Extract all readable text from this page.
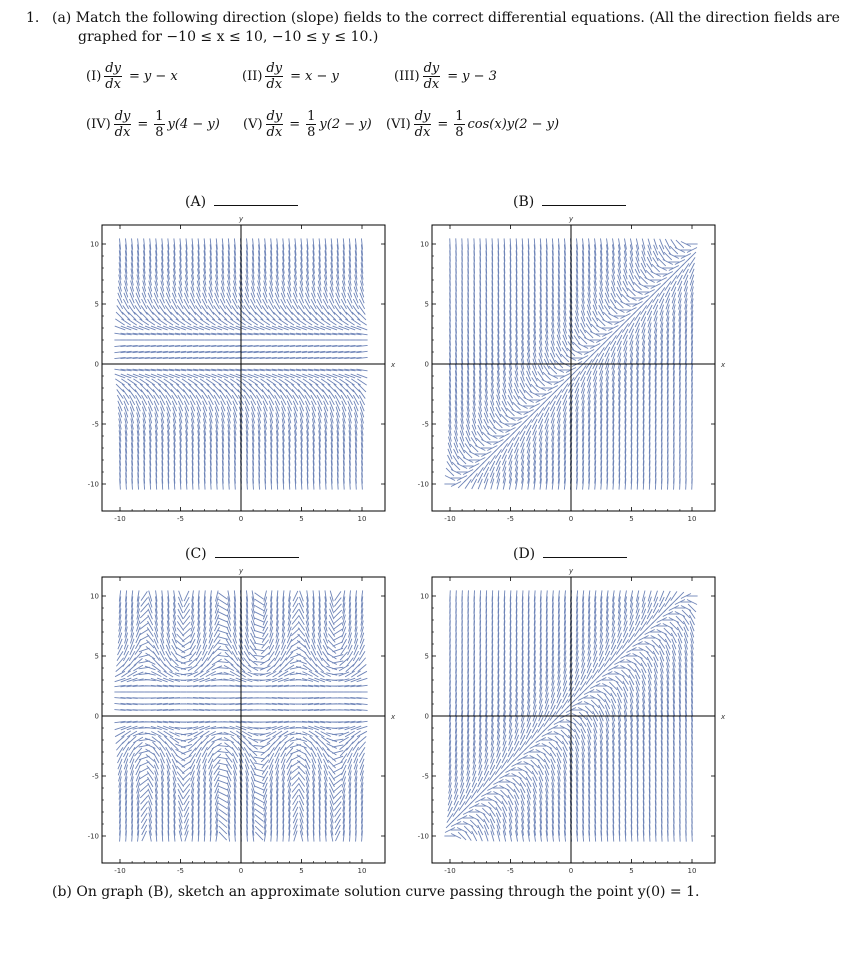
1. (a) Match the following direction (slope) fields to the correct differential equations. (All the direction fields are
graphed for −10 ≤ x ≤ 10, −10 ≤ y ≤ 10.)
$(I) \frac{dy}{dx} = y - x$	$(II) \frac{dy}{dx} = x - y$	$(III) \frac{dy}{dx} = y - 3$
$(IV) \frac{dy}{dx} = \frac{1}{8} y(4 - y)$ $(V) \frac{dy}{dx} = \frac{1}{8} y(2 - y)$ $(VI) \frac{dy}{dx} = \frac{1}{8} \cos(x)y(2 - y)$
(A)	(B)
(C)	(D)
x
y
-10
-10
-5
-5
0
0
5
5
10
10
x
y
-10
-10
-5
-5
0
0
5
5
10
10
x
y
-10
-10
-5
-5
0
0
5
5
10
10
x
y
-10
-10
-5
-5
0
0
5
5
10
10
(b) On graph (B), sketch an approximate solution curve passing through the point y(0) = 1.
